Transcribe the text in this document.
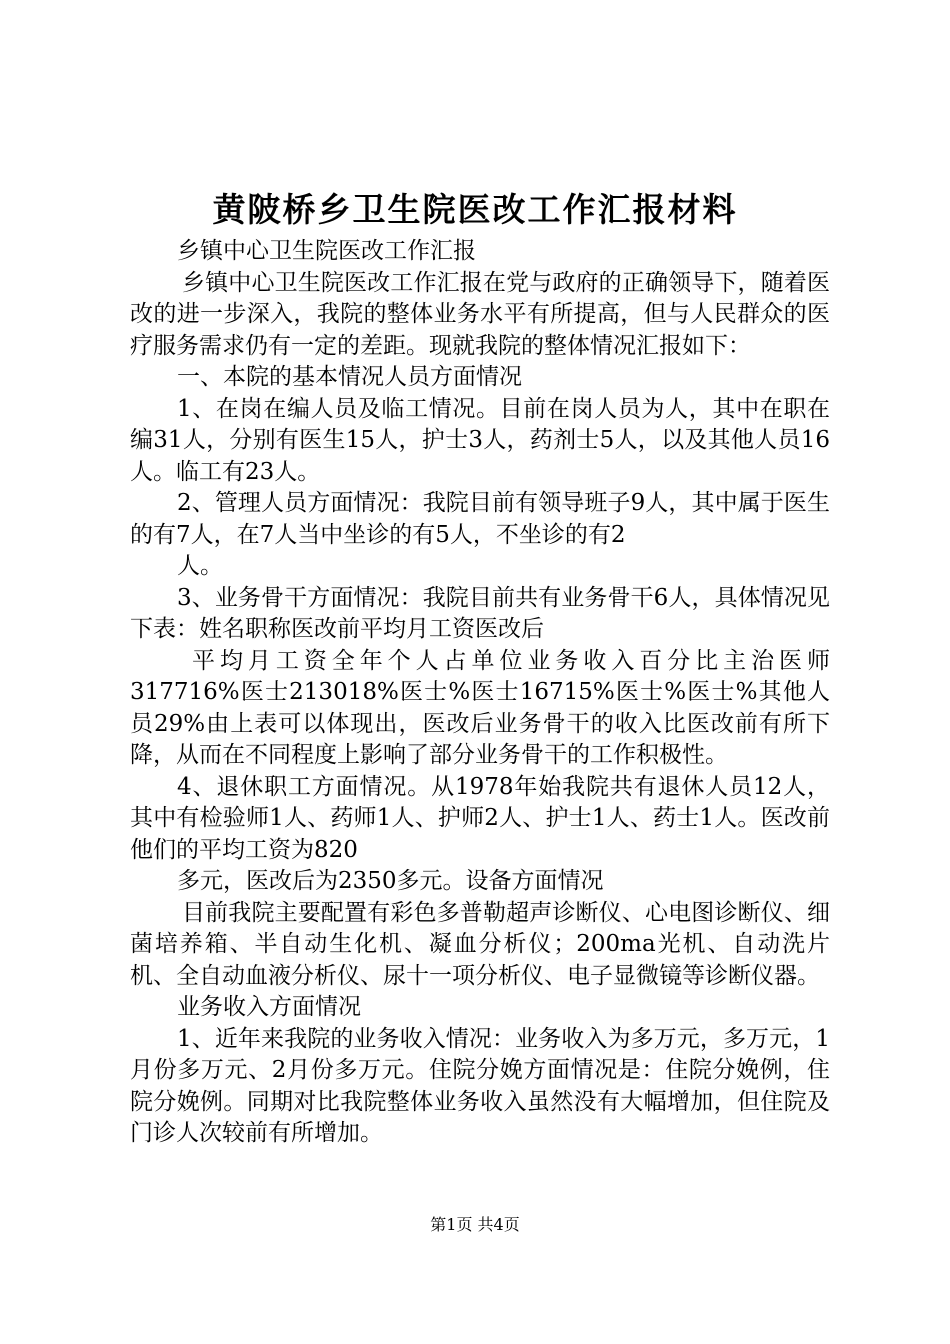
黄陂桥乡卫生院医改工作汇报材料

乡镇中心卫生院医改工作汇报

乡镇中心卫生院医改工作汇报在党与政府的正确领导下，随着医改的进一步深入，我院的整体业务水平有所提高，但与人民群众的医疗服务需求仍有一定的差距。现就我院的整体情况汇报如下：

一、本院的基本情况人员方面情况

1、在岗在编人员及临工情况。目前在岗人员为人，其中在职在编31人，分别有医生15人，护士3人，药剂士5人，以及其他人员16人。临工有23人。

2、管理人员方面情况：我院目前有领导班子9人，其中属于医生的有7人，在7人当中坐诊的有5人，不坐诊的有2

人。

3、业务骨干方面情况：我院目前共有业务骨干6人，具体情况见下表：姓名职称医改前平均月工资医改后

平均月工资全年个人占单位业务收入百分比主治医师317716%医士213018%医士%医士16715%医士%医士%其他人员29%由上表可以体现出，医改后业务骨干的收入比医改前有所下降，从而在不同程度上影响了部分业务骨干的工作积极性。

4、退休职工方面情况。从1978年始我院共有退休人员12人，其中有检验师1人、药师1人、护师2人、护士1人、药士1人。医改前他们的平均工资为820

多元，医改后为2350多元。设备方面情况

目前我院主要配置有彩色多普勒超声诊断仪、心电图诊断仪、细菌培养箱、半自动生化机、凝血分析仪；200ma光机、自动洗片机、全自动血液分析仪、尿十一项分析仪、电子显微镜等诊断仪器。

业务收入方面情况

1、近年来我院的业务收入情况：业务收入为多万元，多万元，1月份多万元、2月份多万元。住院分娩方面情况是：住院分娩例，住院分娩例。同期对比我院整体业务收入虽然没有大幅增加，但住院及门诊人次较前有所增加。

第1页 共4页
